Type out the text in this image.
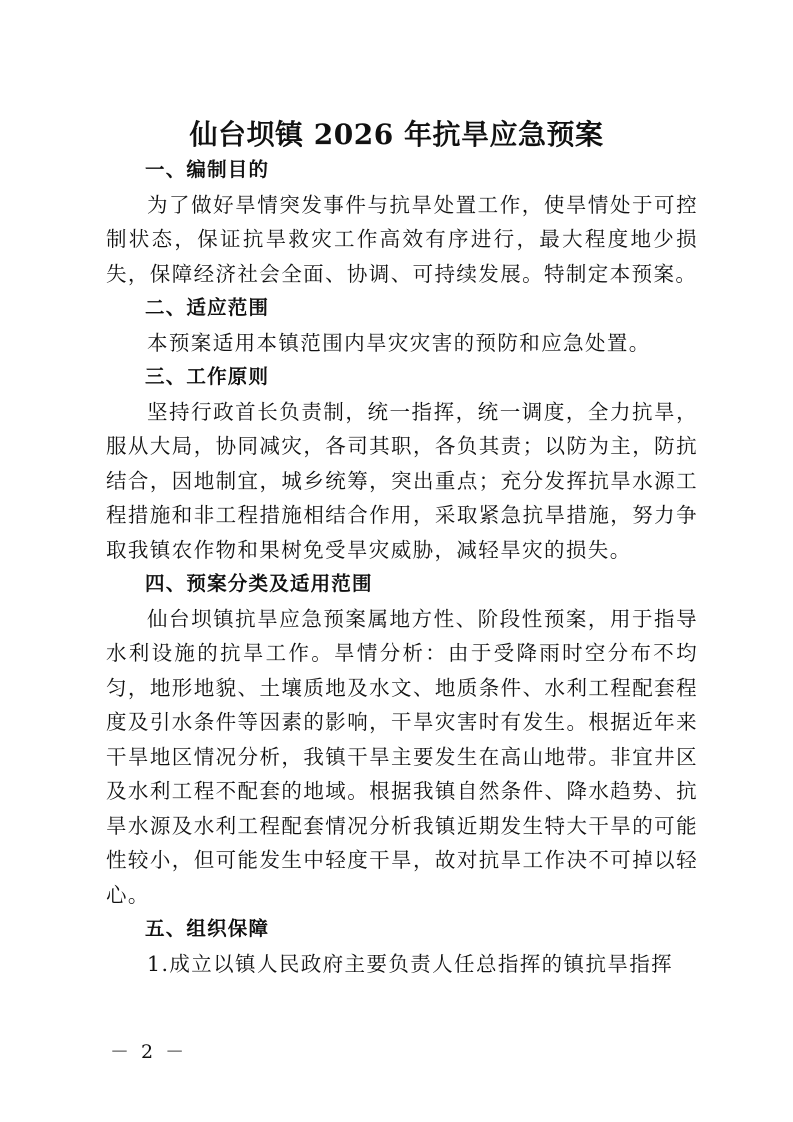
仙台坝镇 2026 年抗旱应急预案

一、编制目的

为了做好旱情突发事件与抗旱处置工作，使旱情处于可控制状态，保证抗旱救灾工作高效有序进行，最大程度地少损失，保障经济社会全面、协调、可持续发展。特制定本预案。

二、适应范围

本预案适用本镇范围内旱灾灾害的预防和应急处置。

三、工作原则

坚持行政首长负责制，统一指挥，统一调度，全力抗旱，服从大局，协同减灾，各司其职，各负其责；以防为主，防抗结合，因地制宜，城乡统筹，突出重点；充分发挥抗旱水源工程措施和非工程措施相结合作用，采取紧急抗旱措施，努力争取我镇农作物和果树免受旱灾威胁，减轻旱灾的损失。

四、预案分类及适用范围

仙台坝镇抗旱应急预案属地方性、阶段性预案，用于指导水利设施的抗旱工作。旱情分析：由于受降雨时空分布不均匀，地形地貌、土壤质地及水文、地质条件、水利工程配套程度及引水条件等因素的影响，干旱灾害时有发生。根据近年来干旱地区情况分析，我镇干旱主要发生在高山地带。非宜井区及水利工程不配套的地域。根据我镇自然条件、降水趋势、抗旱水源及水利工程配套情况分析我镇近期发生特大干旱的可能性较小，但可能发生中轻度干旱，故对抗旱工作决不可掉以轻心。

五、组织保障

1.成立以镇人民政府主要负责人任总指挥的镇抗旱指挥

－ 2 －
